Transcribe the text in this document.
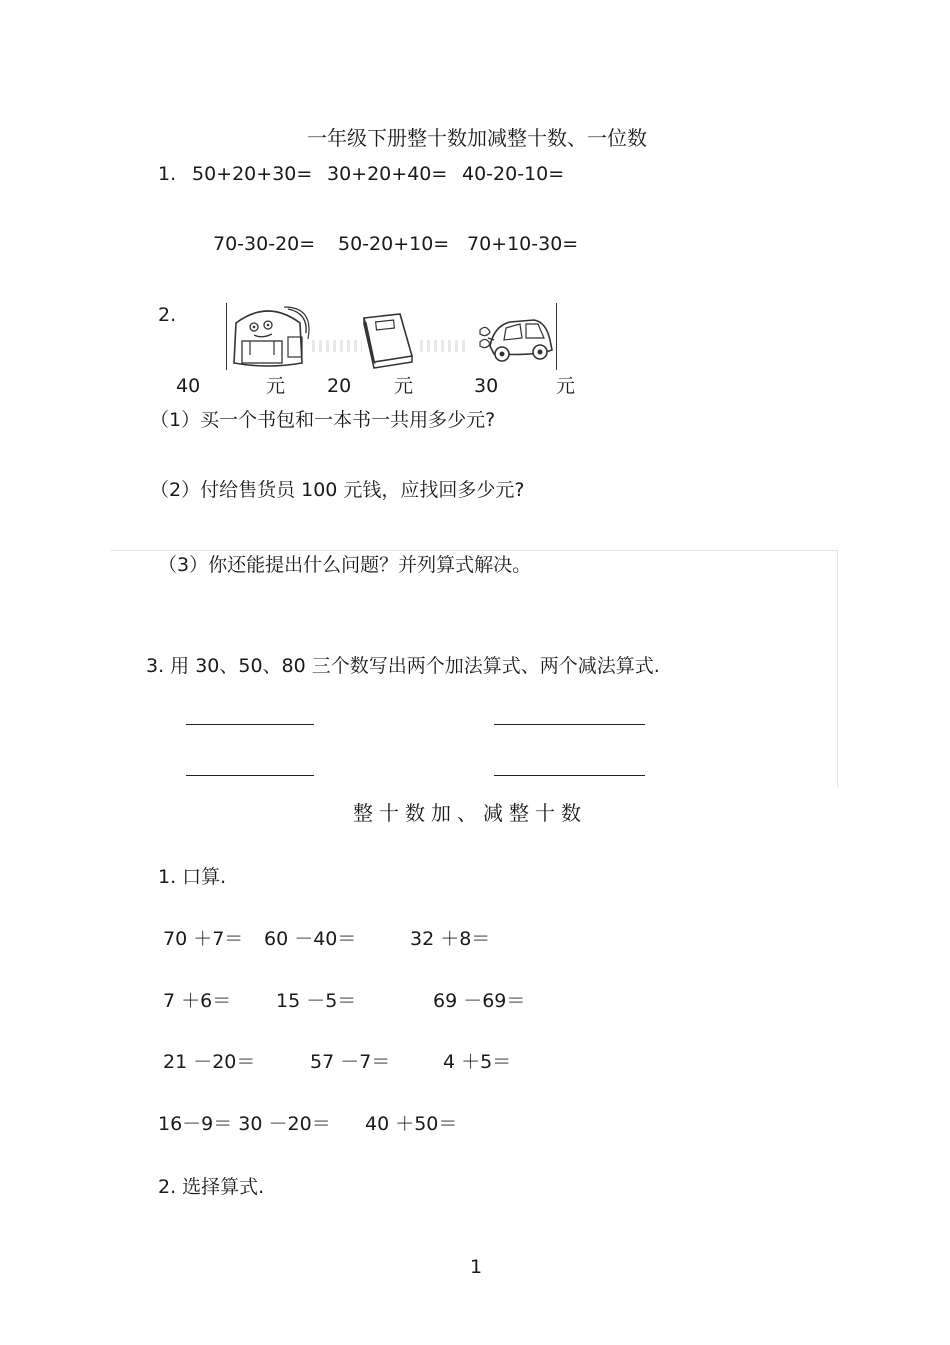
一年级下册整十数加减整十数、一位数
1. 50+20+30= 30+20+40= 40-20-10=
70-30-20= 50-20+10= 70+10-30=
2.
40	元 20 元	30	元
（1）买一个书包和一本书一共用多少元?
（2）付给售货员 100 元钱，应找回多少元?
（3）你还能提出什么问题？并列算式解决。
3. 用 30、50、80 三个数写出两个加法算式、两个减法算式.
整十数加、减整十数
1. 口算.
70 ＋7＝ 60 －40＝	32 ＋8＝
7 ＋6＝ 15 －5＝	69 －69＝
21 －20＝	57 －7＝	4 ＋5＝
16－9＝ 30 －20＝ 40 ＋50＝
2. 选择算式.
1
